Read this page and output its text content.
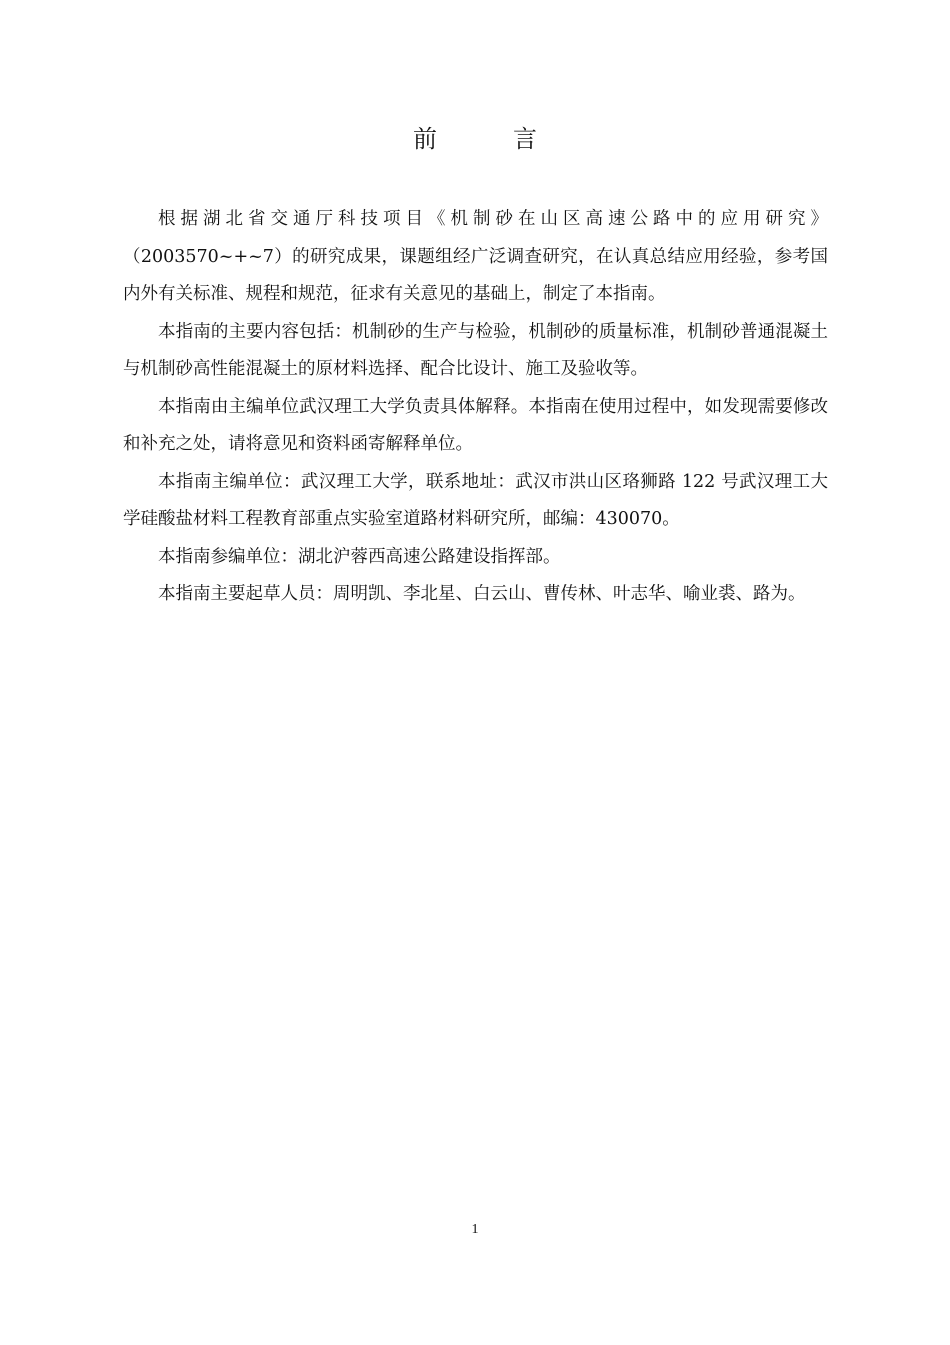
前　言

根据湖北省交通厅科技项目《机制砂在山区高速公路中的应用研究》（2003570~+~7）的研究成果，课题组经广泛调查研究，在认真总结应用经验，参考国内外有关标准、规程和规范，征求有关意见的基础上，制定了本指南。

本指南的主要内容包括：机制砂的生产与检验，机制砂的质量标准，机制砂普通混凝土与机制砂高性能混凝土的原材料选择、配合比设计、施工及验收等。

本指南由主编单位武汉理工大学负责具体解释。本指南在使用过程中，如发现需要修改和补充之处，请将意见和资料函寄解释单位。

本指南主编单位：武汉理工大学，联系地址：武汉市洪山区珞狮路 122 号武汉理工大学硅酸盐材料工程教育部重点实验室道路材料研究所，邮编：430070。

本指南参编单位：湖北沪蓉西高速公路建设指挥部。

本指南主要起草人员：周明凯、李北星、白云山、曹传林、叶志华、喻业裘、路为。

1
